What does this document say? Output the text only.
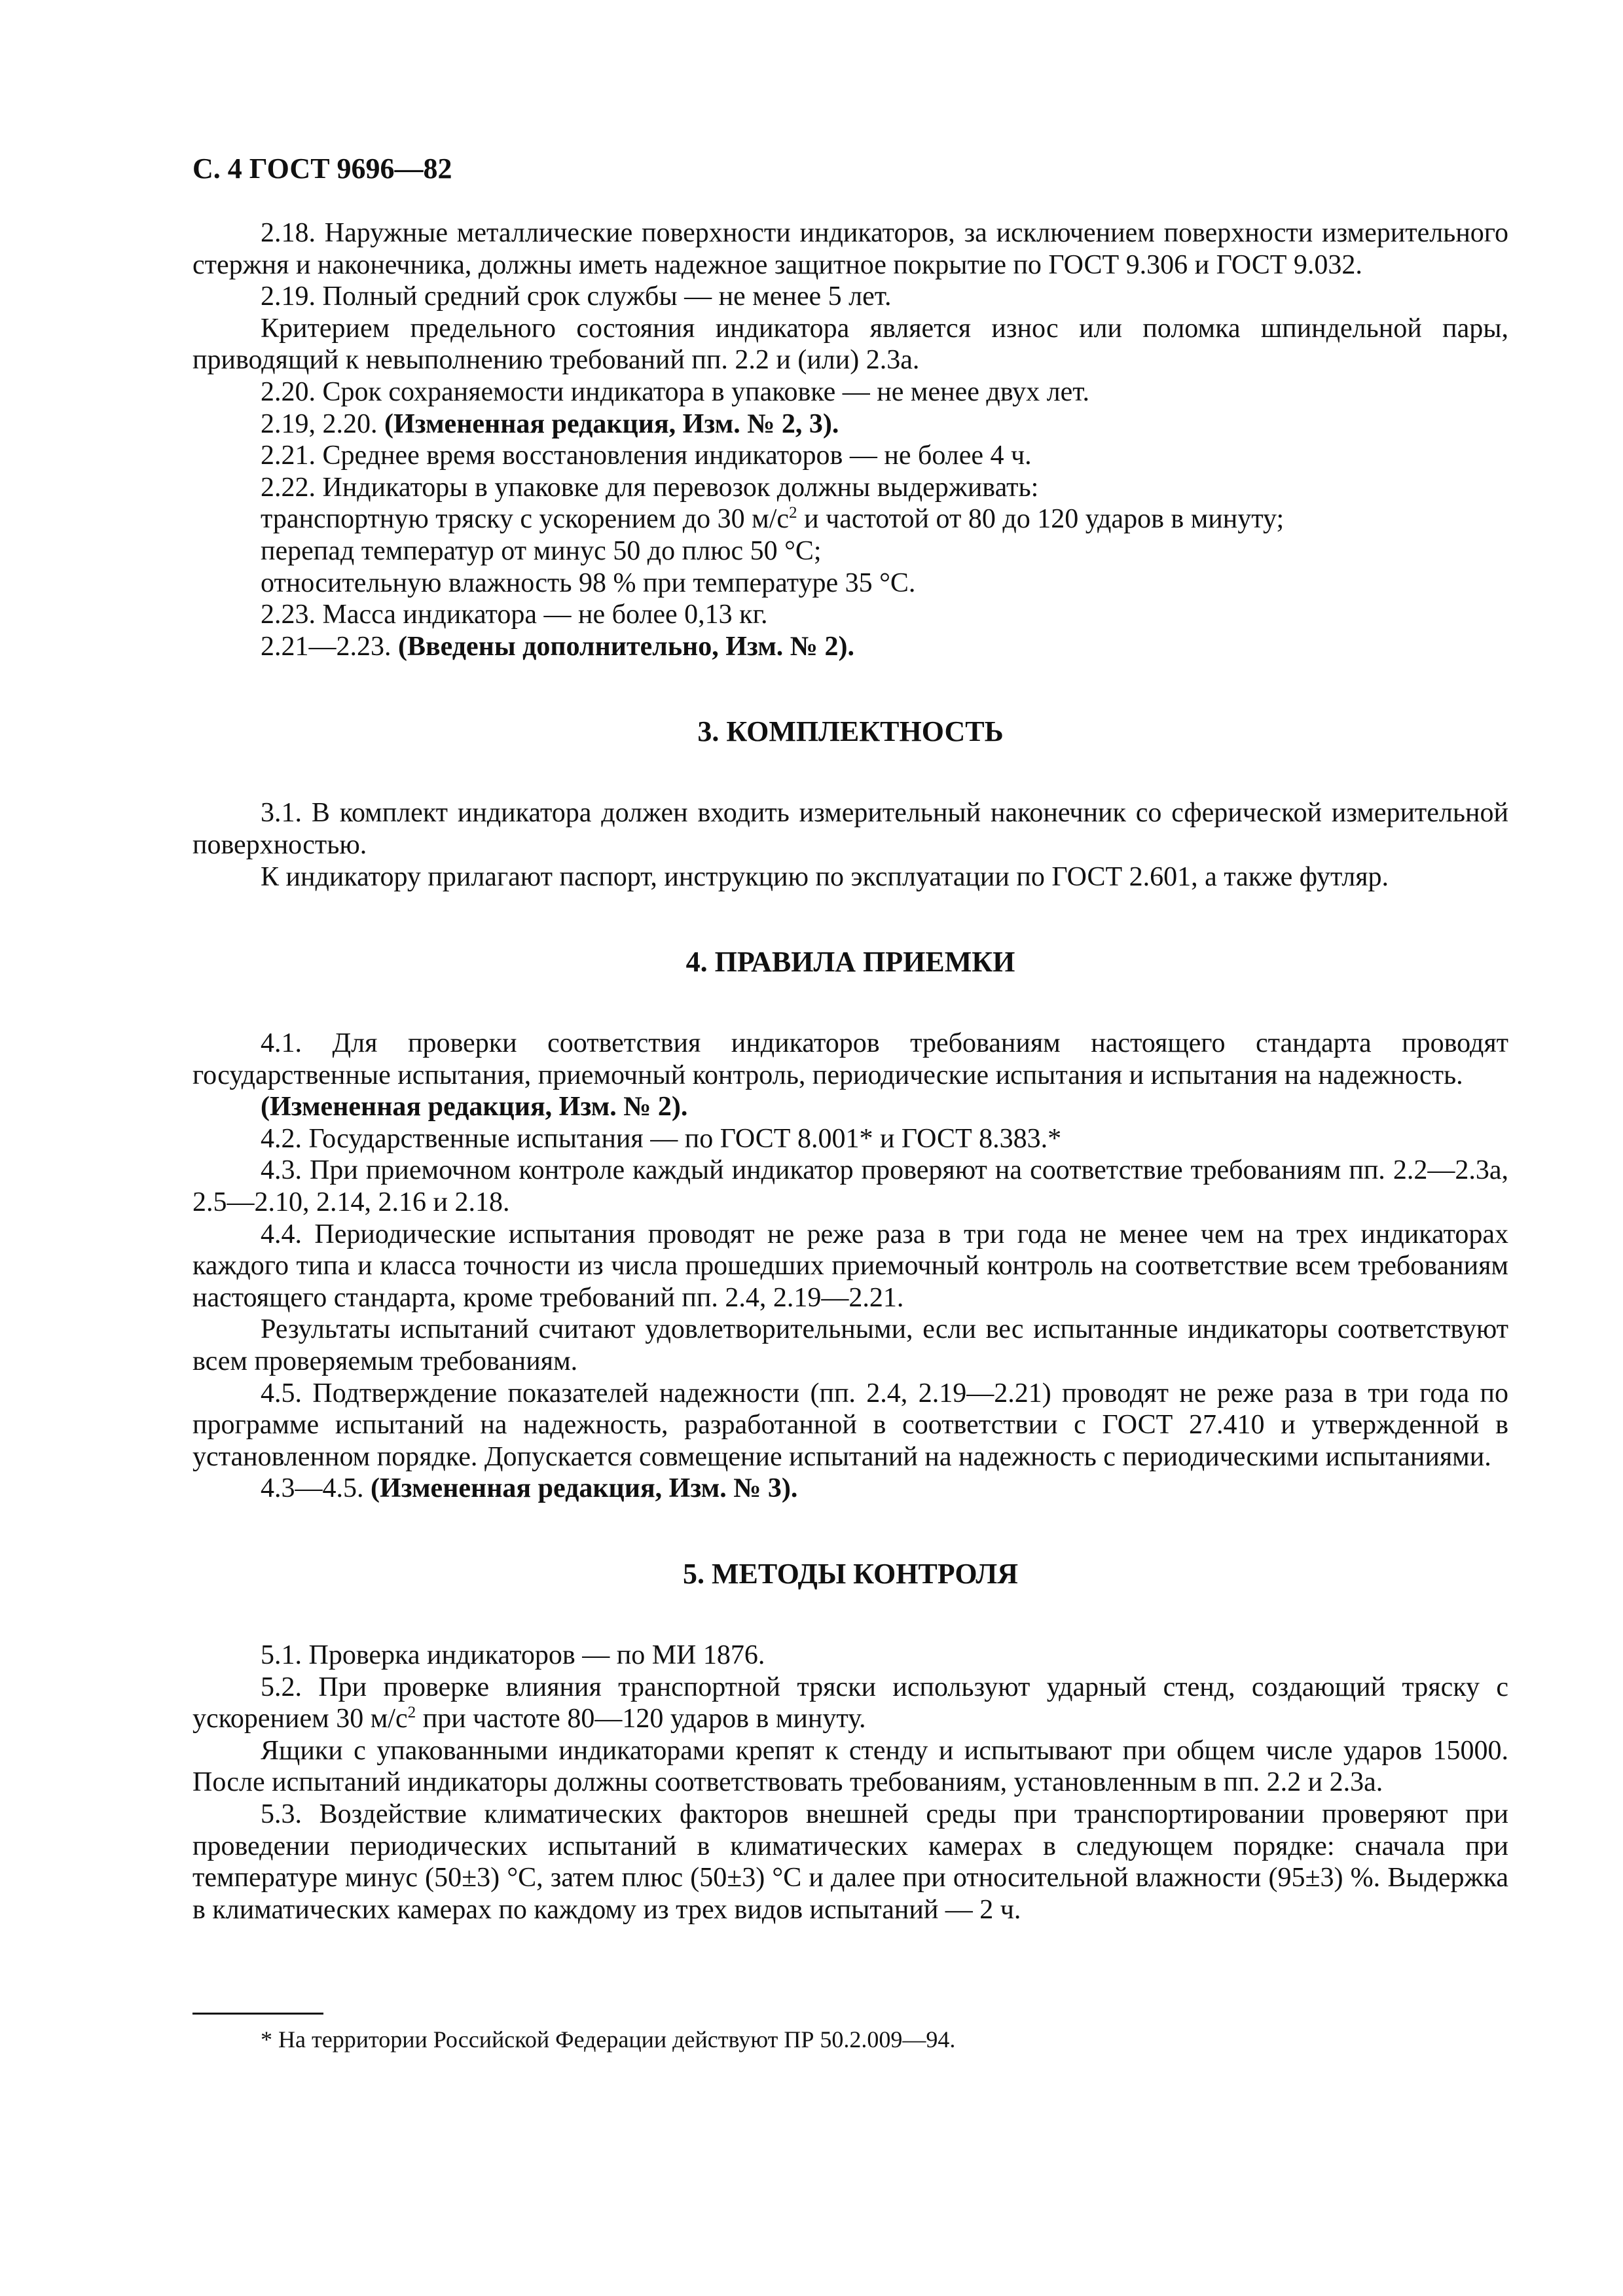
С. 4 ГОСТ 9696—82

2.18. Наружные металлические поверхности индикаторов, за исключением поверхности измерительного стержня и наконечника, должны иметь надежное защитное покрытие по ГОСТ 9.306 и ГОСТ 9.032.

2.19. Полный средний срок службы — не менее 5 лет.

Критерием предельного состояния индикатора является износ или поломка шпиндельной пары, приводящий к невыполнению требований пп. 2.2 и (или) 2.3а.

2.20. Срок сохраняемости индикатора в упаковке — не менее двух лет.

2.19, 2.20. (Измененная редакция, Изм. № 2, 3).

2.21. Среднее время восстановления индикаторов — не более 4 ч.

2.22. Индикаторы в упаковке для перевозок должны выдерживать:

транспортную тряску с ускорением до 30 $м/с^2$ и частотой от 80 до 120 ударов в минуту;

перепад температур от минус 50 до плюс 50 °С;

относительную влажность 98 % при температуре 35 °С.

2.23. Масса индикатора — не более 0,13 кг.

2.21—2.23. (Введены дополнительно, Изм. № 2).

3. КОМПЛЕКТНОСТЬ

3.1. В комплект индикатора должен входить измерительный наконечник со сферической измерительной поверхностью.

К индикатору прилагают паспорт, инструкцию по эксплуатации по ГОСТ 2.601, а также футляр.

4. ПРАВИЛА ПРИЕМКИ

4.1. Для проверки соответствия индикаторов требованиям настоящего стандарта проводят государственные испытания, приемочный контроль, периодические испытания и испытания на надежность.

(Измененная редакция, Изм. № 2).

4.2. Государственные испытания — по ГОСТ 8.001* и ГОСТ 8.383.*

4.3. При приемочном контроле каждый индикатор проверяют на соответствие требованиям пп. 2.2—2.3а, 2.5—2.10, 2.14, 2.16 и 2.18.

4.4. Периодические испытания проводят не реже раза в три года не менее чем на трех индикаторах каждого типа и класса точности из числа прошедших приемочный контроль на соответствие всем требованиям настоящего стандарта, кроме требований пп. 2.4, 2.19—2.21.

Результаты испытаний считают удовлетворительными, если вес испытанные индикаторы соответствуют всем проверяемым требованиям.

4.5. Подтверждение показателей надежности (пп. 2.4, 2.19—2.21) проводят не реже раза в три года по программе испытаний на надежность, разработанной в соответствии с ГОСТ 27.410 и утвержденной в установленном порядке. Допускается совмещение испытаний на надежность с периодическими испытаниями.

4.3—4.5. (Измененная редакция, Изм. № 3).

5. МЕТОДЫ КОНТРОЛЯ

5.1. Проверка индикаторов — по МИ 1876.

5.2. При проверке влияния транспортной тряски используют ударный стенд, создающий тряску с ускорением 30 $м/с^2$ при частоте 80—120 ударов в минуту.

Ящики с упакованными индикаторами крепят к стенду и испытывают при общем числе ударов 15000. После испытаний индикаторы должны соответствовать требованиям, установленным в пп. 2.2 и 2.3а.

5.3. Воздействие климатических факторов внешней среды при транспортировании проверяют при проведении периодических испытаний в климатических камерах в следующем порядке: сначала при температуре минус (50±3) °С, затем плюс (50±3) °С и далее при относительной влажности (95±3) %. Выдержка в климатических камерах по каждому из трех видов испытаний — 2 ч.

* На территории Российской Федерации действуют ПР 50.2.009—94.
